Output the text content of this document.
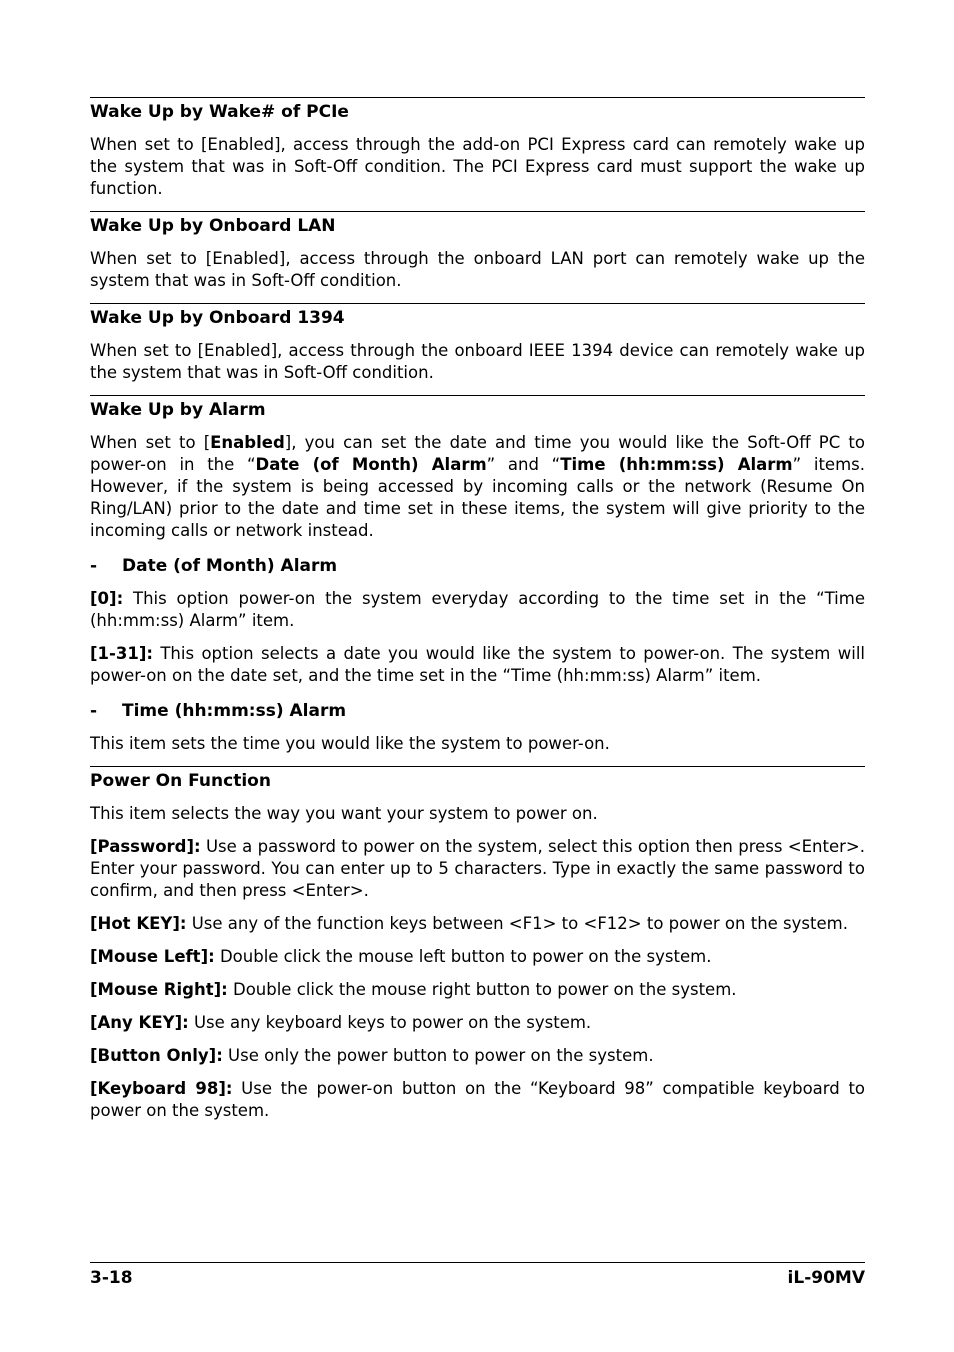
Wake Up by Wake# of PCIe
When set to [Enabled], access through the add-on PCI Express card can remotely wake up the system that was in Soft-Off condition. The PCI Express card must support the wake up function.
Wake Up by Onboard LAN
When set to [Enabled], access through the onboard LAN port can remotely wake up the system that was in Soft-Off condition.
Wake Up by Onboard 1394
When set to [Enabled], access through the onboard IEEE 1394 device can remotely wake up the system that was in Soft-Off condition.
Wake Up by Alarm
When set to [Enabled], you can set the date and time you would like the Soft-Off PC to power-on in the “Date (of Month) Alarm” and “Time (hh:mm:ss) Alarm” items. However, if the system is being accessed by incoming calls or the network (Resume On Ring/LAN) prior to the date and time set in these items, the system will give priority to the incoming calls or network instead.
-	Date (of Month) Alarm
[0]: This option power-on the system everyday according to the time set in the “Time (hh:mm:ss) Alarm” item.
[1-31]: This option selects a date you would like the system to power-on. The system will power-on on the date set, and the time set in the “Time (hh:mm:ss) Alarm” item.
-	Time (hh:mm:ss) Alarm
This item sets the time you would like the system to power-on.
Power On Function
This item selects the way you want your system to power on.
[Password]: Use a password to power on the system, select this option then press <Enter>. Enter your password. You can enter up to 5 characters. Type in exactly the same password to confirm, and then press <Enter>.
[Hot KEY]: Use any of the function keys between <F1> to <F12> to power on the system.
[Mouse Left]: Double click the mouse left button to power on the system.
[Mouse Right]: Double click the mouse right button to power on the system.
[Any KEY]: Use any keyboard keys to power on the system.
[Button Only]: Use only the power button to power on the system.
[Keyboard 98]: Use the power-on button on the “Keyboard 98” compatible keyboard to power on the system.
3-18	iL-90MV
